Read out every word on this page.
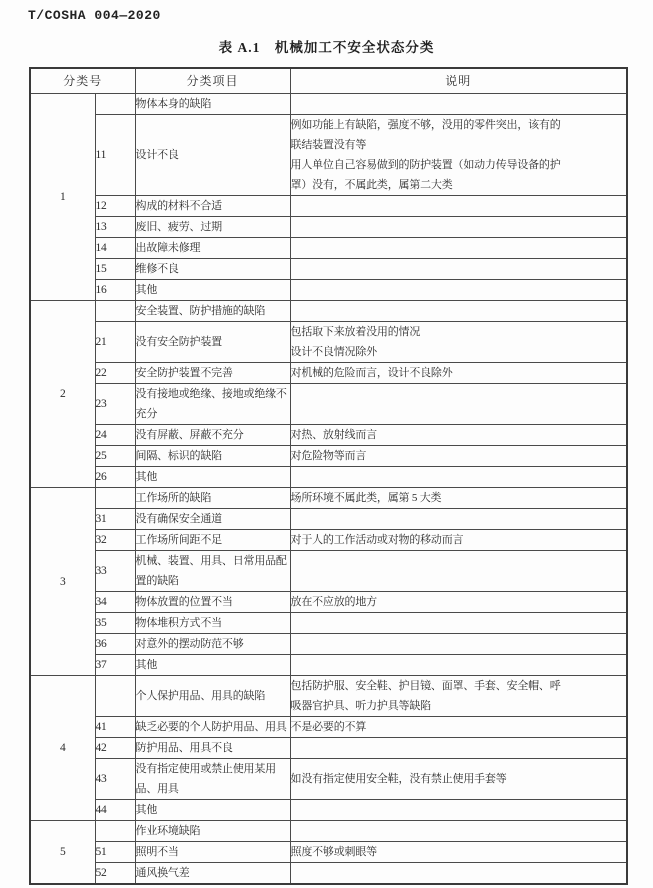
T/COSHA 004—2020
表 A.1　机械加工不安全状态分类
分类号		分类项目	说明
1		物体本身的缺陷	

	11	设计不良	例如功能上有缺陷，强度不够，没用的零件突出，该有的
联结装置没有等
用人单位自己容易做到的防护装置（如动力传导设备的护
罩）没有，不属此类，属第二大类

	12	构成的材料不合适	

	13	废旧、疲劳、过期	

	14	出故障未修理	

	15	维修不良	

	16	其他	

2		安全装置、防护措施的缺陷	

	21	没有安全防护装置	包括取下来放着没用的情况
设计不良情况除外

	22	安全防护装置不完善	对机械的危险而言，设计不良除外

	23	没有接地或绝缘、接地或绝缘不
充分	

	24	没有屏蔽、屏蔽不充分	对热、放射线而言

	25	间隔、标识的缺陷	对危险物等而言

	26	其他	

3		工作场所的缺陷	场所环境不属此类，属第 5 大类

	31	没有确保安全通道	

	32	工作场所间距不足	对于人的工作活动或对物的移动而言

	33	机械、装置、用具、日常用品配
置的缺陷	

	34	物体放置的位置不当	放在不应放的地方

	35	物体堆积方式不当	

	36	对意外的摆动防范不够	

	37	其他	

4		个人保护用品、用具的缺陷	包括防护服、安全鞋、护目镜、面罩、手套、安全帽、呼
吸器官护具、听力护具等缺陷

	41	缺乏必要的个人防护用品、用具	不是必要的不算

	42	防护用品、用具不良	

	43	没有指定使用或禁止使用某用
品、用具	如没有指定使用安全鞋，没有禁止使用手套等

	44	其他	

5		作业环境缺陷	

	51	照明不当	照度不够或刺眼等

	52	通风换气差	
